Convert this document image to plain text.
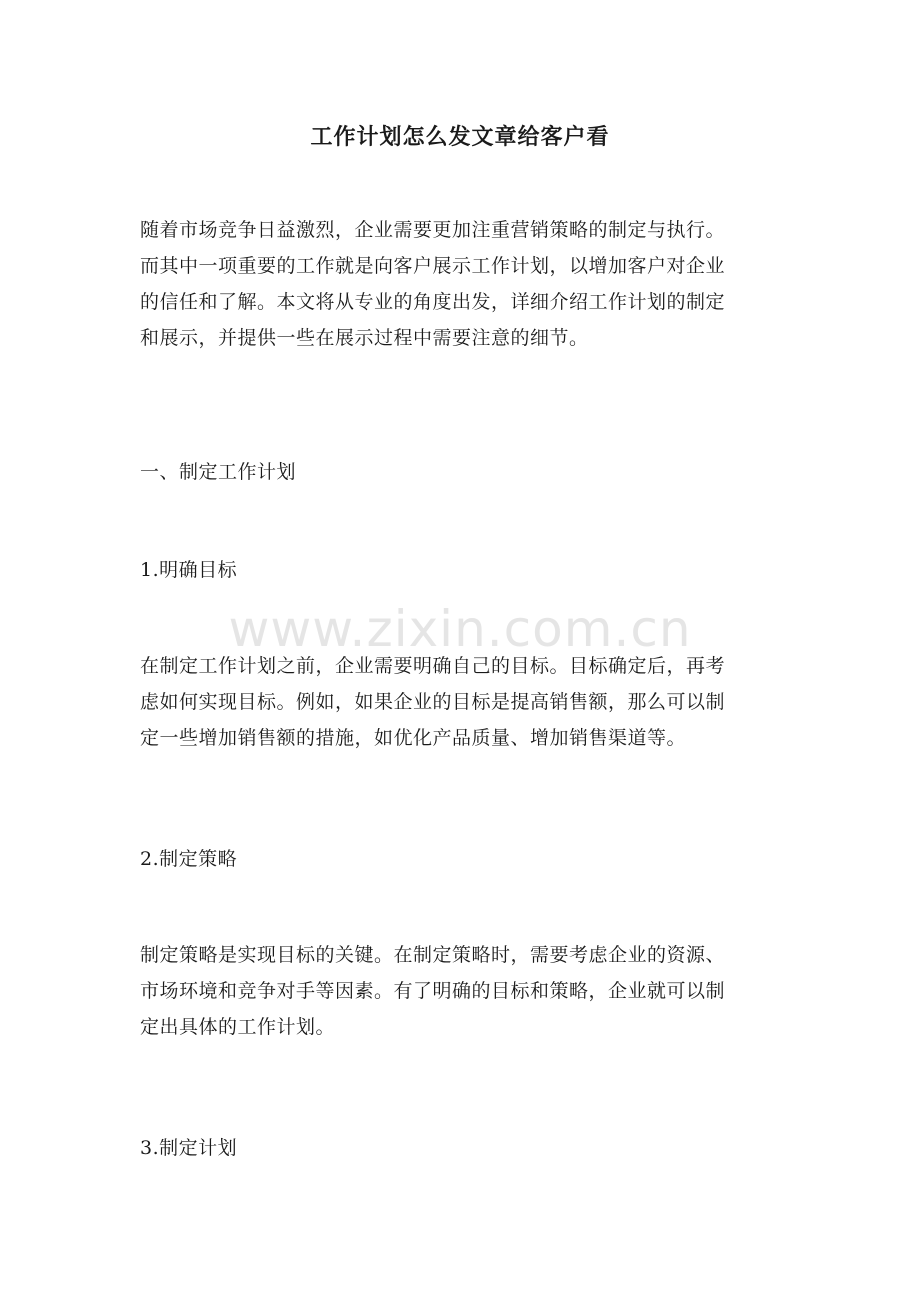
工作计划怎么发文章给客户看
随着市场竞争日益激烈，企业需要更加注重营销策略的制定与执行。
而其中一项重要的工作就是向客户展示工作计划，以增加客户对企业
的信任和了解。本文将从专业的角度出发，详细介绍工作计划的制定
和展示，并提供一些在展示过程中需要注意的细节。
一、制定工作计划
1.明确目标
在制定工作计划之前，企业需要明确自己的目标。目标确定后，再考
虑如何实现目标。例如，如果企业的目标是提高销售额，那么可以制
定一些增加销售额的措施，如优化产品质量、增加销售渠道等。
2.制定策略
制定策略是实现目标的关键。在制定策略时，需要考虑企业的资源、
市场环境和竞争对手等因素。有了明确的目标和策略，企业就可以制
定出具体的工作计划。
3.制定计划
www.zixin.com.cn
